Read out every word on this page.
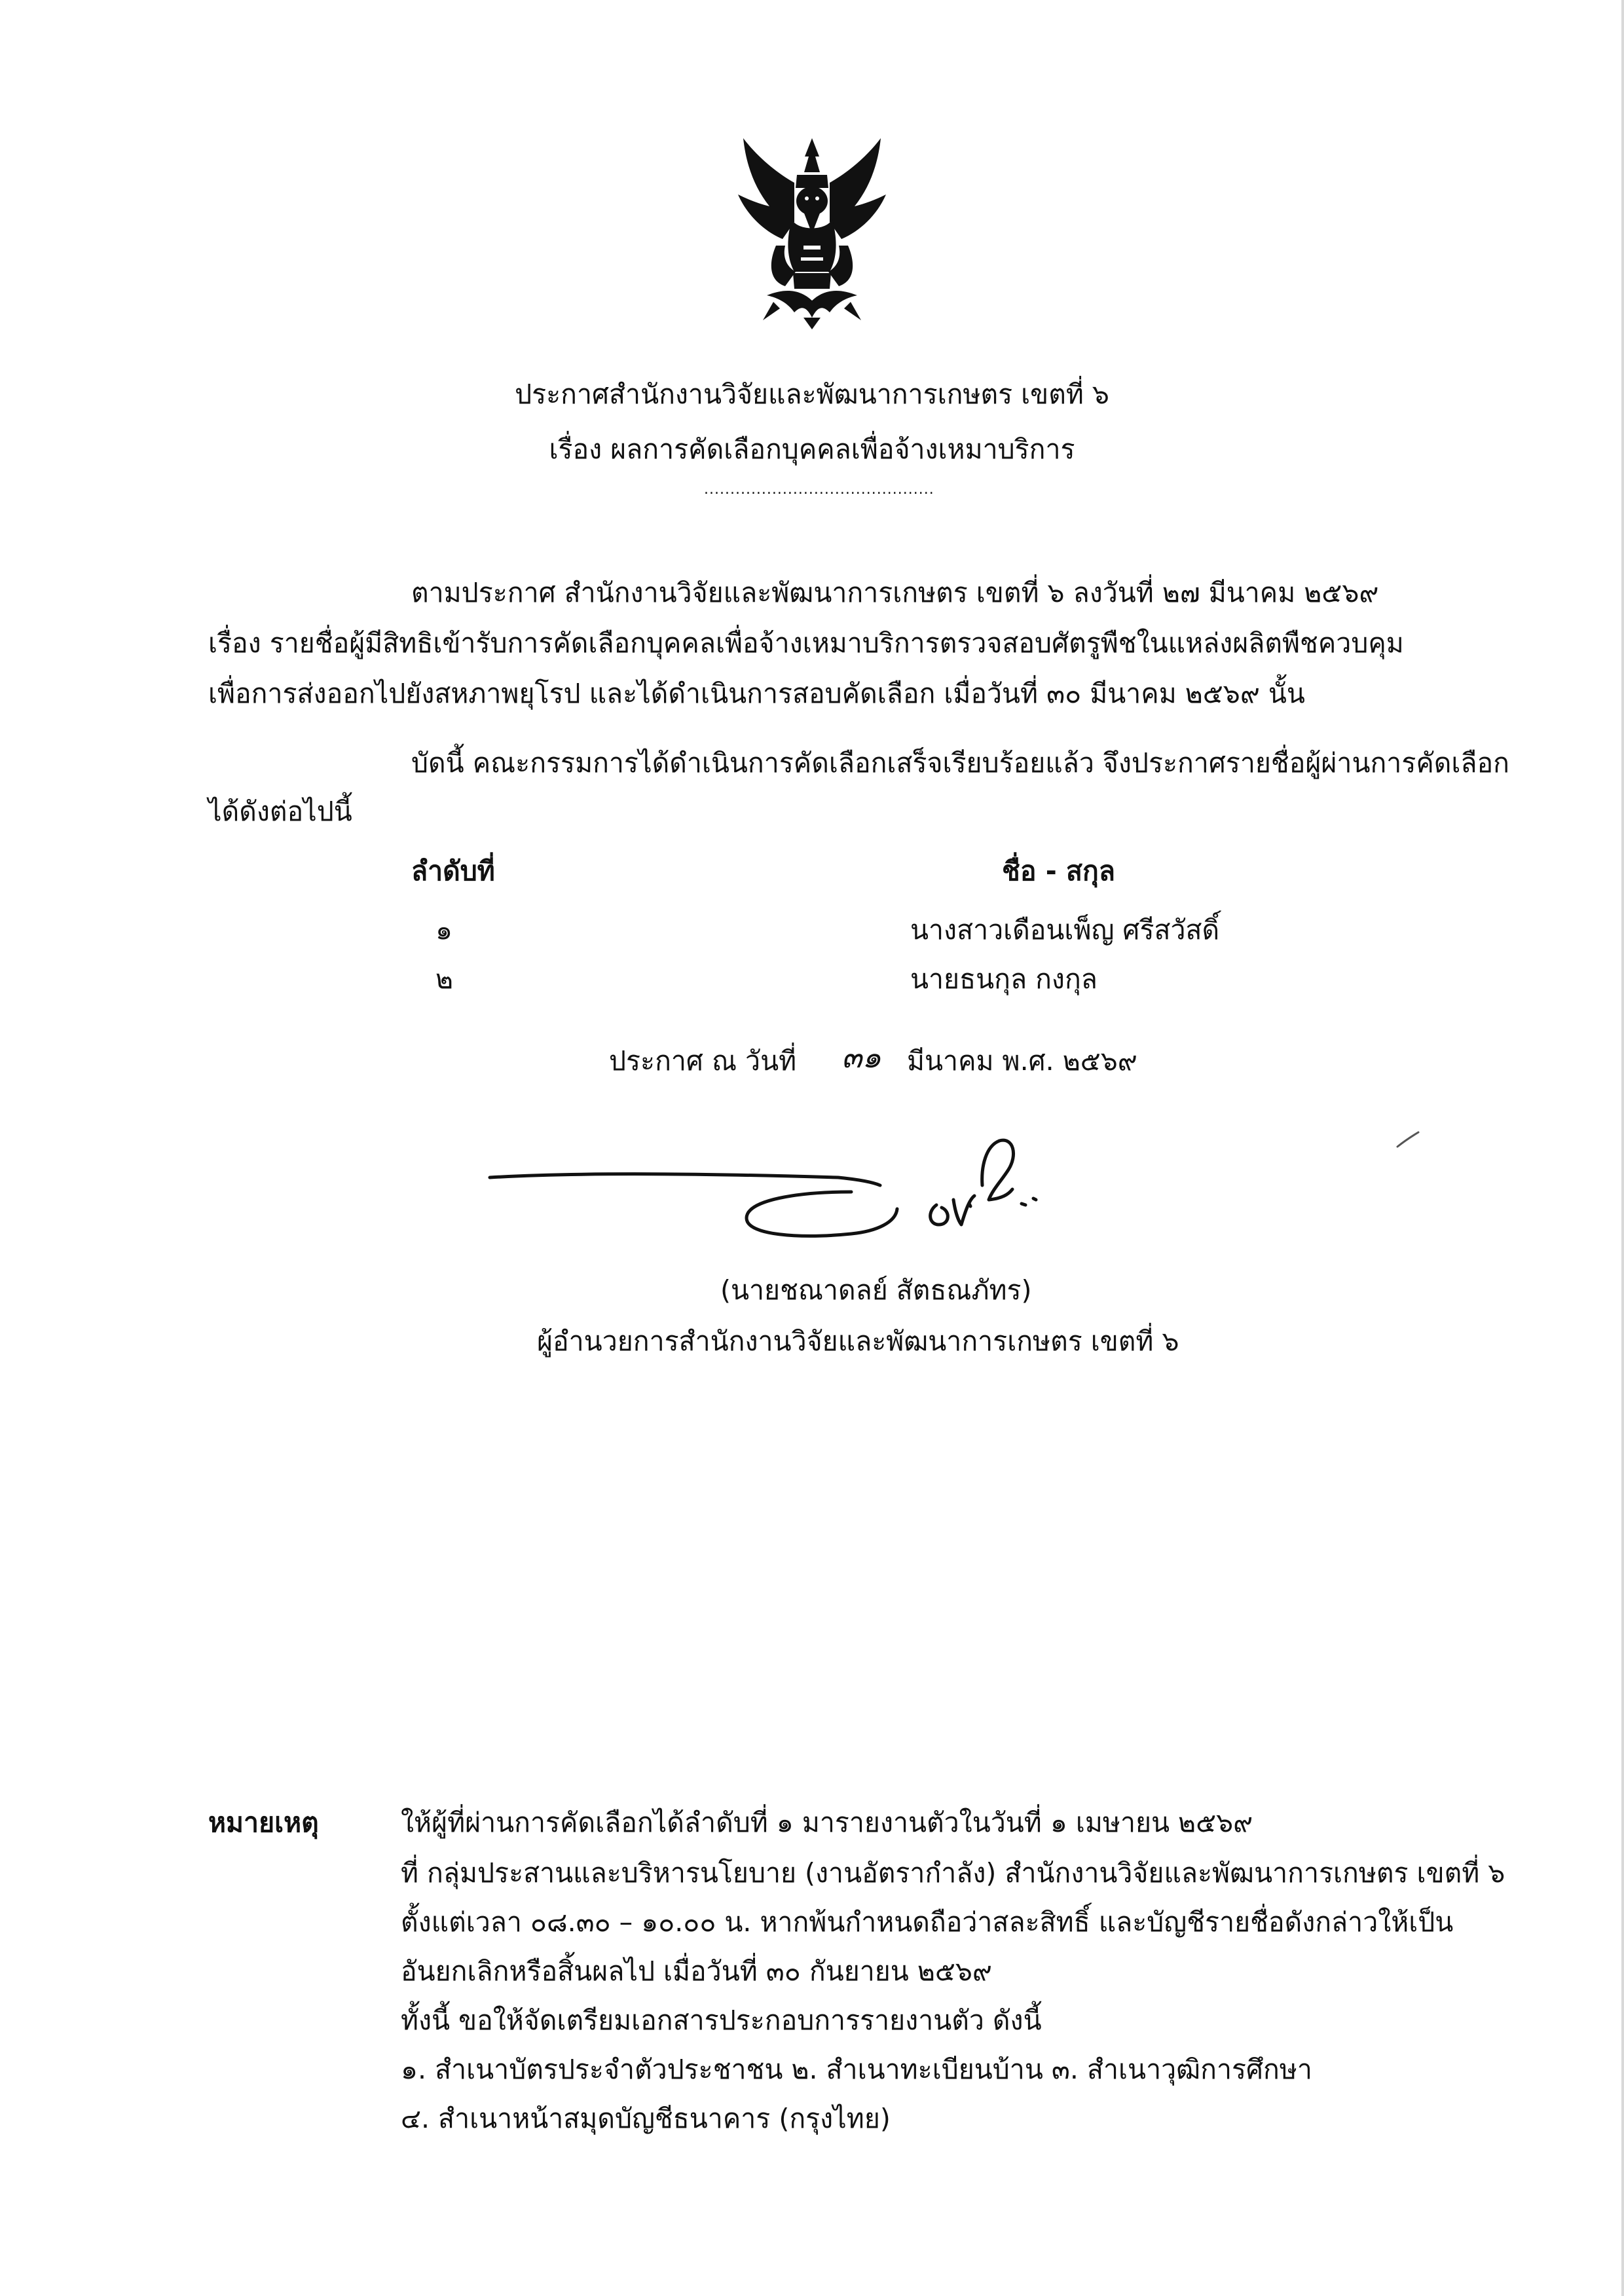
ประกาศสำนักงานวิจัยและพัฒนาการเกษตร เขตที่ ๖
เรื่อง ผลการคัดเลือกบุคคลเพื่อจ้างเหมาบริการ
............................................
ตามประกาศ สำนักงานวิจัยและพัฒนาการเกษตร เขตที่ ๖ ลงวันที่ ๒๗ มีนาคม ๒๕๖๙
เรื่อง รายชื่อผู้มีสิทธิเข้ารับการคัดเลือกบุคคลเพื่อจ้างเหมาบริการตรวจสอบศัตรูพืชในแหล่งผลิตพืชควบคุม
เพื่อการส่งออกไปยังสหภาพยุโรป และได้ดำเนินการสอบคัดเลือก เมื่อวันที่ ๓๐ มีนาคม ๒๕๖๙ นั้น
บัดนี้ คณะกรรมการได้ดำเนินการคัดเลือกเสร็จเรียบร้อยแล้ว จึงประกาศรายชื่อผู้ผ่านการคัดเลือก
ได้ดังต่อไปนี้
ลำดับที่	ชื่อ - สกุล
๑	นางสาวเดือนเพ็ญ ศรีสวัสดิ์
๒	นายธนกุล กงกุล
ประกาศ ณ วันที่ ๓๑ มีนาคม พ.ศ. ๒๕๖๙
(นายชณาดลย์ สัตธณภัทร)
ผู้อำนวยการสำนักงานวิจัยและพัฒนาการเกษตร เขตที่ ๖
หมายเหตุ	ให้ผู้ที่ผ่านการคัดเลือกได้ลำดับที่ ๑ มารายงานตัวในวันที่ ๑ เมษายน ๒๕๖๙
ที่ กลุ่มประสานและบริหารนโยบาย (งานอัตรากำลัง) สำนักงานวิจัยและพัฒนาการเกษตร เขตที่ ๖
ตั้งแต่เวลา ๐๘.๓๐ – ๑๐.๐๐ น. หากพ้นกำหนดถือว่าสละสิทธิ์ และบัญชีรายชื่อดังกล่าวให้เป็น
อันยกเลิกหรือสิ้นผลไป เมื่อวันที่ ๓๐ กันยายน ๒๕๖๙
ทั้งนี้ ขอให้จัดเตรียมเอกสารประกอบการรายงานตัว ดังนี้
๑. สำเนาบัตรประจำตัวประชาชน ๒. สำเนาทะเบียนบ้าน ๓. สำเนาวุฒิการศึกษา
๔. สำเนาหน้าสมุดบัญชีธนาคาร (กรุงไทย)
